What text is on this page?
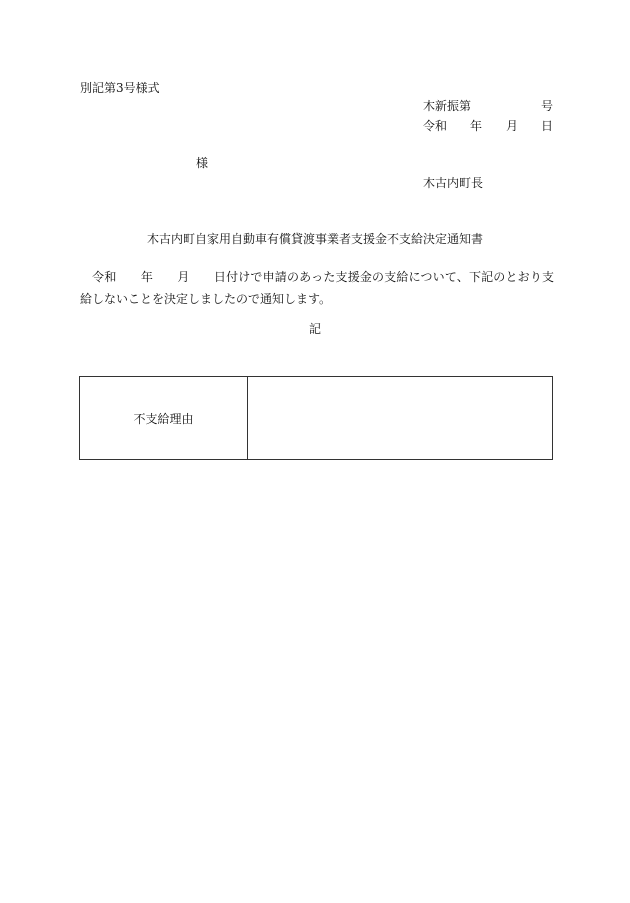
別記第3号様式
木新振第	号
令和 年 月 日
様
木古内町長
木古内町自家用自動車有償貸渡事業者支援金不支給決定通知書
　令和　　年　　月　　日付けで申請のあった支援金の支給について、下記のとおり支給しないことを決定しましたので通知します。
記
不支給理由	
